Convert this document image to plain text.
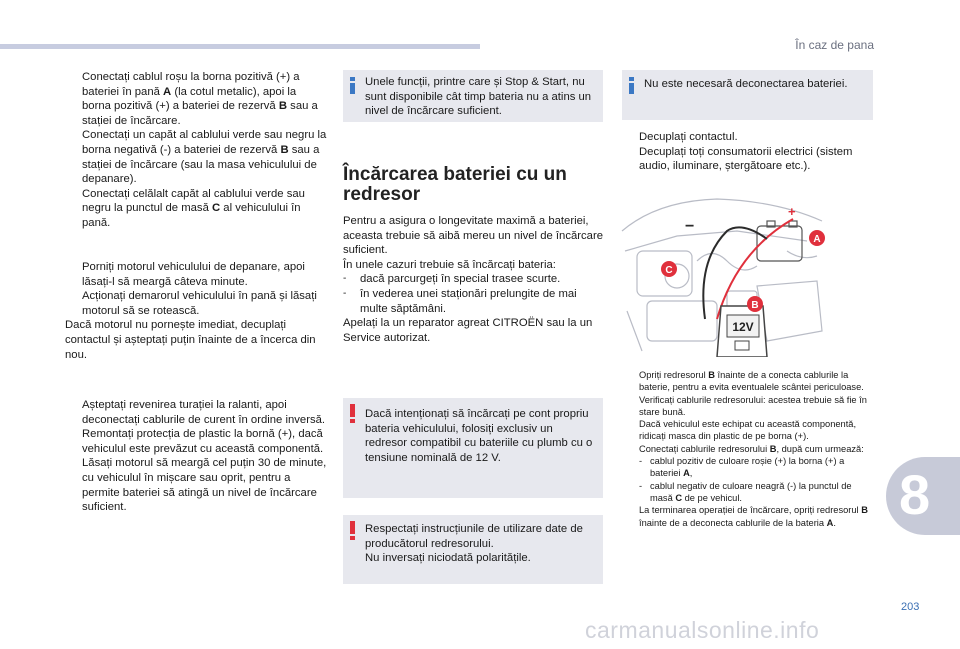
În caz de pana
Conectați cablul roșu la borna pozitivă (+) a bateriei în pană A (la cotul metalic), apoi la borna pozitivă (+) a bateriei de rezervă B sau a stației de încărcare.
Conectați un capăt al cablului verde sau negru la borna negativă (-) a bateriei de rezervă B sau a stației de încărcare (sau la masa vehiculului de depanare).
Conectați celălalt capăt al cablului verde sau negru la punctul de masă C al vehiculului în pană.
Porniți motorul vehiculului de depanare, apoi lăsați-l să meargă câteva minute.
Acționați demarorul vehiculului în pană și lăsați motorul să se rotească.
Dacă motorul nu pornește imediat, decuplați contactul și așteptați puțin înainte de a încerca din nou.
Așteptați revenirea turației la ralanti, apoi deconectați cablurile de curent în ordine inversă.
Remontați protecția de plastic la bornă (+), dacă vehiculul este prevăzut cu această componentă.
Lăsați motorul să meargă cel puțin 30 de minute, cu vehiculul în mișcare sau oprit, pentru a permite bateriei să atingă un nivel de încărcare suficient.
Unele funcții, printre care și Stop & Start, nu sunt disponibile cât timp bateria nu a atins un nivel de încărcare suficient.
Încărcarea bateriei cu un redresor
Pentru a asigura o longevitate maximă a bateriei, aceasta trebuie să aibă mereu un nivel de încărcare suficient.
În unele cazuri trebuie să încărcați bateria:
- dacă parcurgeți în special trasee scurte.
- în vederea unei staționări prelungite de mai multe săptămâni.
Apelați la un reparator agreat CITROËN sau la un Service autorizat.
Dacă intenționați să încărcați pe cont propriu bateria vehiculului, folosiți exclusiv un redresor compatibil cu bateriile cu plumb cu o tensiune nominală de 12 V.
Respectați instrucțiunile de utilizare date de producătorul redresorului.
Nu inversați niciodată polaritățile.
Nu este necesară deconectarea bateriei.
Decuplați contactul.
Decuplați toți consumatorii electrici (sistem audio, iluminare, ștergătoare etc.).
+
−
12V
A
C
B
Opriți redresorul B înainte de a conecta cablurile la baterie, pentru a evita eventualele scântei periculoase.
Verificați cablurile redresorului: acestea trebuie să fie în stare bună.
Dacă vehiculul este echipat cu această componentă, ridicați masca din plastic de pe borna (+).
Conectați cablurile redresorului B, după cum urmează:
- cablul pozitiv de culoare roșie (+) la borna (+) a bateriei A,
- cablul negativ de culoare neagră (-) la punctul de masă C de pe vehicul.
La terminarea operației de încărcare, opriți redresorul B înainte de a deconecta cablurile de la bateria A.	8
203
carmanualsonline.info
